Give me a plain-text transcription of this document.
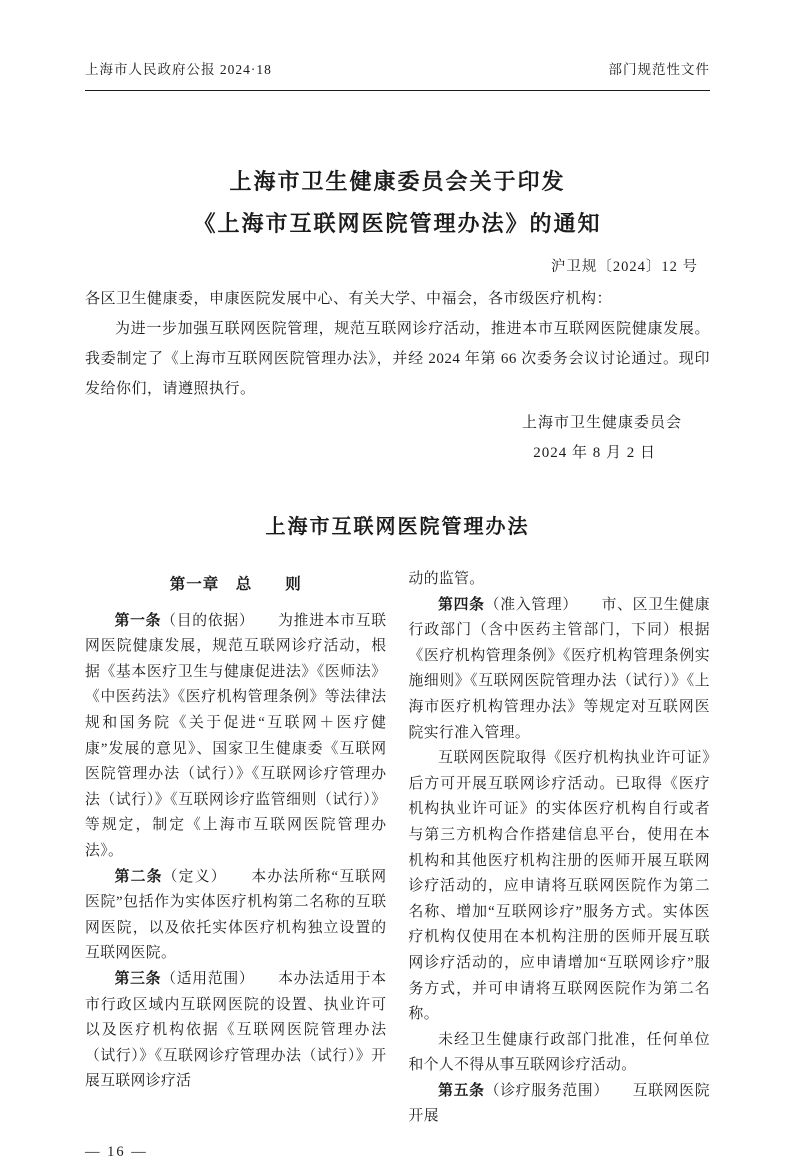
上海市人民政府公报 2024·18	部门规范性文件
上海市卫生健康委员会关于印发
《上海市互联网医院管理办法》的通知
沪卫规〔2024〕12 号
各区卫生健康委，申康医院发展中心、有关大学、中福会，各市级医疗机构：

为进一步加强互联网医院管理，规范互联网诊疗活动，推进本市互联网医院健康发展。我委制定了《上海市互联网医院管理办法》，并经 2024 年第 66 次委务会议讨论通过。现印发给你们，请遵照执行。

上海市卫生健康委员会
2024 年 8 月 2 日
上海市互联网医院管理办法
第一章　总　　则

第一条（目的依据）　　为推进本市互联网医院健康发展，规范互联网诊疗活动，根据《基本医疗卫生与健康促进法》《医师法》《中医药法》《医疗机构管理条例》等法律法规和国务院《关于促进“互联网＋医疗健康”发展的意见》、国家卫生健康委《互联网医院管理办法（试行）》《互联网诊疗管理办法（试行）》《互联网诊疗监管细则（试行）》等规定，制定《上海市互联网医院管理办法》。

第二条（定义）　　本办法所称“互联网医院”包括作为实体医疗机构第二名称的互联网医院，以及依托实体医疗机构独立设置的互联网医院。

第三条（适用范围）　　本办法适用于本市行政区域内互联网医院的设置、执业许可以及医疗机构依据《互联网医院管理办法（试行）》《互联网诊疗管理办法（试行）》开展互联网诊疗活

动的监管。

第四条（准入管理）　　市、区卫生健康行政部门（含中医药主管部门，下同）根据《医疗机构管理条例》《医疗机构管理条例实施细则》《互联网医院管理办法（试行）》《上海市医疗机构管理办法》等规定对互联网医院实行准入管理。

互联网医院取得《医疗机构执业许可证》后方可开展互联网诊疗活动。已取得《医疗机构执业许可证》的实体医疗机构自行或者与第三方机构合作搭建信息平台，使用在本机构和其他医疗机构注册的医师开展互联网诊疗活动的，应申请将互联网医院作为第二名称、增加“互联网诊疗”服务方式。实体医疗机构仅使用在本机构注册的医师开展互联网诊疗活动的，应申请增加“互联网诊疗”服务方式，并可申请将互联网医院作为第二名称。

未经卫生健康行政部门批准，任何单位和个人不得从事互联网诊疗活动。

第五条（诊疗服务范围）　　互联网医院开展

— 16 —
